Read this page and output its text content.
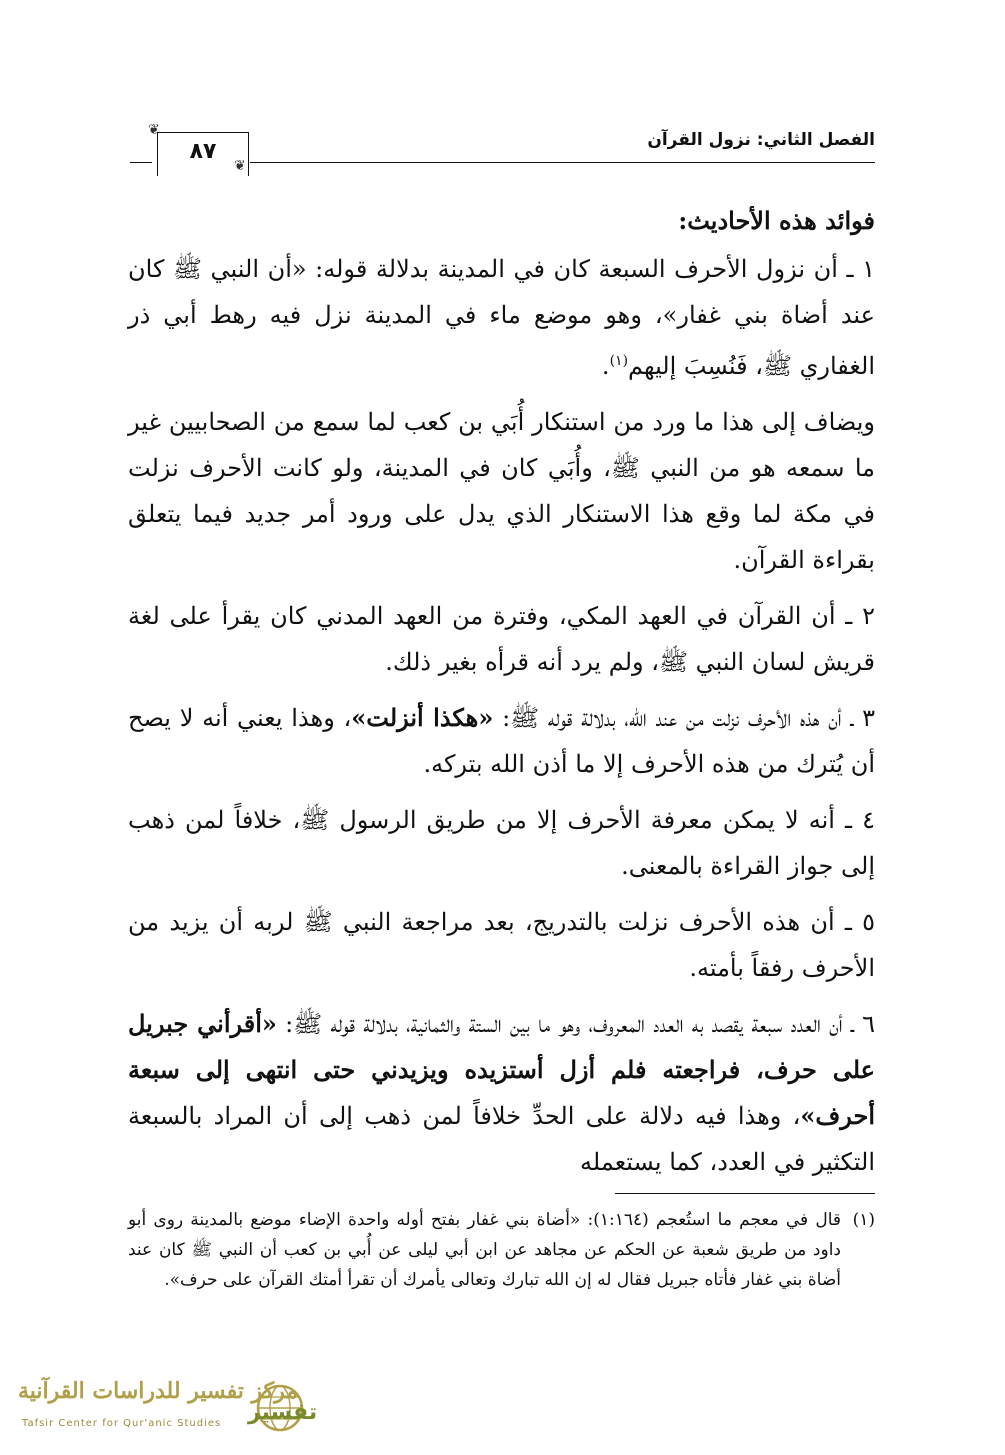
الفصل الثاني: نزول القرآن
٨٧
❦
❦
فوائد هذه الأحاديث:

١ ـ أن نزول الأحرف السبعة كان في المدينة بدلالة قوله: «أن النبي ﷺ كان عند أضاة بني غفار»، وهو موضع ماء في المدينة نزل فيه رهط أبي ذر الغفاري ﷺ، فَنُسِبَ إليهم$^{(١)}$.

ويضاف إلى هذا ما ورد من استنكار أُبَي بن كعب لما سمع من الصحابيين غير ما سمعه هو من النبي ﷺ، وأُبَي كان في المدينة، ولو كانت الأحرف نزلت في مكة لما وقع هذا الاستنكار الذي يدل على ورود أمر جديد فيما يتعلق بقراءة القرآن.

٢ ـ أن القرآن في العهد المكي، وفترة من العهد المدني كان يقرأ على لغة قريش لسان النبي ﷺ، ولم يرد أنه قرأه بغير ذلك.

٣ ـ أن هذه الأحرف نزلت من عند الله، بدلالة قوله ﷺ: «هكذا أنزلت»، وهذا يعني أنه لا يصح أن يُترك من هذه الأحرف إلا ما أذن الله بتركه.

٤ ـ أنه لا يمكن معرفة الأحرف إلا من طريق الرسول ﷺ، خلافاً لمن ذهب إلى جواز القراءة بالمعنى.

٥ ـ أن هذه الأحرف نزلت بالتدريج، بعد مراجعة النبي ﷺ لربه أن يزيد من الأحرف رفقاً بأمته.

٦ ـ أن العدد سبعة يقصد به العدد المعروف، وهو ما بين الستة والثمانية، بدلالة قوله ﷺ: «أقرأني جبريل على حرف، فراجعته فلم أزل أستزيده ويزيدني حتى انتهى إلى سبعة أحرف»، وهذا فيه دلالة على الحدِّ خلافاً لمن ذهب إلى أن المراد بالسبعة التكثير في العدد، كما يستعمله

(١)
قال في معجم ما استُعجم (١:١٦٤): «أضاة بني غفار بفتح أوله واحدة الإضاء موضع بالمدينة روى أبو داود من طريق شعبة عن الحكم عن مجاهد عن ابن أبي ليلى عن أُبي بن كعب أن النبي ﷺ كان عند أضاة بني غفار فأتاه جبريل فقال له إن الله تبارك وتعالى يأمرك أن تقرأ أمتك القرآن على حرف».
مركز تفسير للدراسات القرآنية
Tafsir Center for Qur'anic Studies تفسير
